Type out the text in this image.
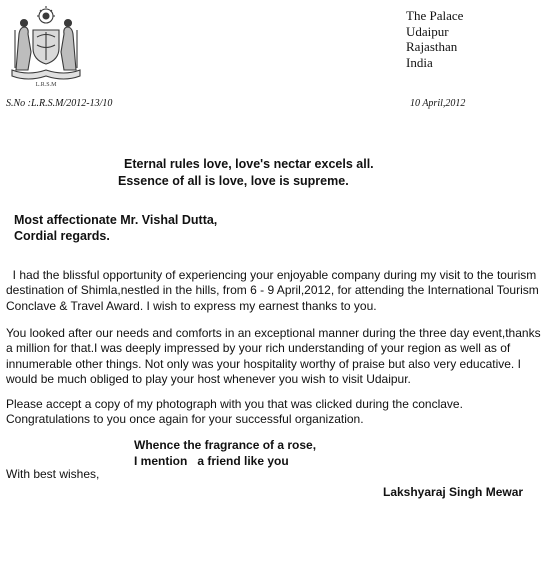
L.R.S.M
The Palace
Udaipur
Rajasthan
India
S.No :L.R.S.M/2012-13/10	10 April,2012
Eternal rules love, love's nectar excels all.
Essence of all is love, love is supreme.
Most affectionate Mr. Vishal Dutta,
Cordial regards.

I had the blissful opportunity of experiencing your enjoyable company during my visit to the tourism destination of Shimla,nestled in the hills, from 6 - 9 April,2012, for attending the International Tourism Conclave & Travel Award. I wish to express my earnest thanks to you.

You looked after our needs and comforts in an exceptional manner during the three day event,thanks a million for that.I was deeply impressed by your rich understanding of your region as well as of innumerable other things. Not only was your hospitality worthy of praise but also very educative. I would be much obliged to play your host whenever you wish to visit Udaipur.

Please accept a copy of my photograph with you that was clicked during the conclave. Congratulations to you once again for your successful organization.

Whence the fragrance of a rose,
I mention   a friend like you
With best wishes,
Lakshyaraj Singh Mewar
